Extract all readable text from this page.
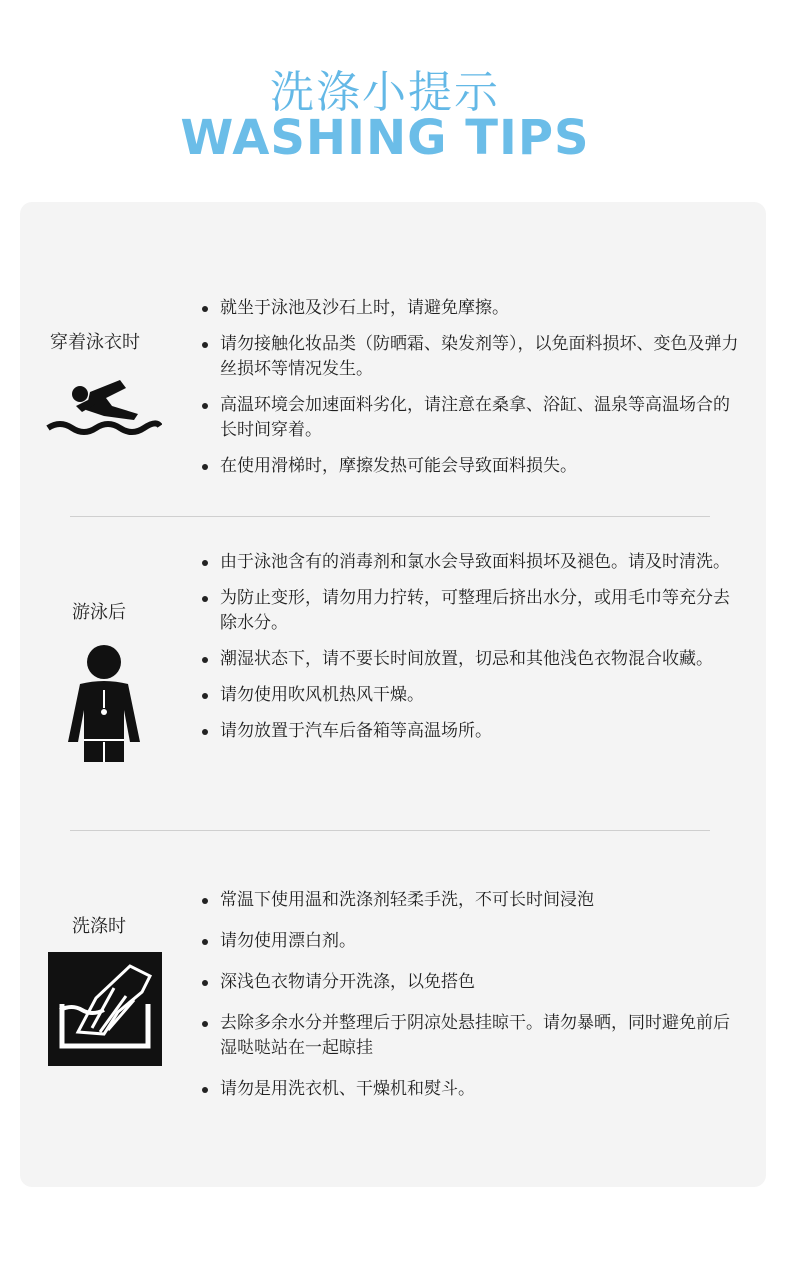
洗涤小提示
WASHING TIPS
穿着泳衣时
就坐于泳池及沙石上时，请避免摩擦。
请勿接触化妆品类（防晒霜、染发剂等），以免面料损坏、变色及弹力丝损坏等情况发生。
高温环境会加速面料劣化，请注意在桑拿、浴缸、温泉等高温场合的长时间穿着。
在使用滑梯时，摩擦发热可能会导致面料损失。
游泳后
由于泳池含有的消毒剂和氯水会导致面料损坏及褪色。请及时清洗。
为防止变形，请勿用力拧转，可整理后挤出水分，或用毛巾等充分去除水分。
潮湿状态下，请不要长时间放置，切忌和其他浅色衣物混合收藏。
请勿使用吹风机热风干燥。
请勿放置于汽车后备箱等高温场所。
洗涤时
常温下使用温和洗涤剂轻柔手洗，不可长时间浸泡
请勿使用漂白剂。
深浅色衣物请分开洗涤，以免搭色
去除多余水分并整理后于阴凉处悬挂晾干。请勿暴晒，同时避免前后湿哒哒站在一起晾挂
请勿是用洗衣机、干燥机和熨斗。
